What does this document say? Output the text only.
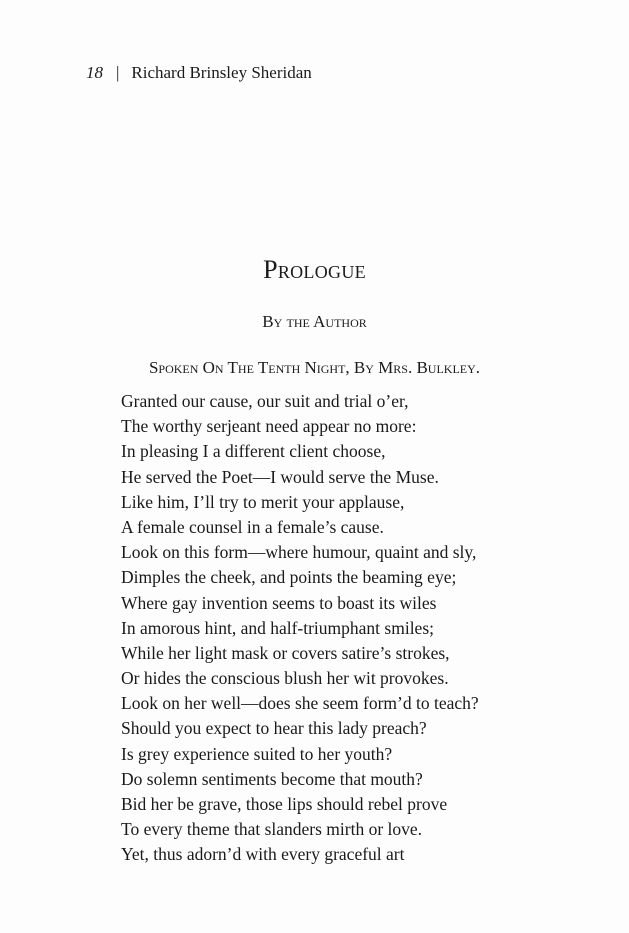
18 | Richard Brinsley Sheridan
Prologue
By the Author
Spoken On The Tenth Night, By Mrs. Bulkley.
Granted our cause, our suit and trial o’er,
The worthy serjeant need appear no more:
In pleasing I a different client choose,
He served the Poet—I would serve the Muse.
Like him, I’ll try to merit your applause,
A female counsel in a female’s cause.
Look on this form—where humour, quaint and sly,
Dimples the cheek, and points the beaming eye;
Where gay invention seems to boast its wiles
In amorous hint, and half-triumphant smiles;
While her light mask or covers satire’s strokes,
Or hides the conscious blush her wit provokes.
Look on her well—does she seem form’d to teach?
Should you expect to hear this lady preach?
Is grey experience suited to her youth?
Do solemn sentiments become that mouth?
Bid her be grave, those lips should rebel prove
To every theme that slanders mirth or love.
Yet, thus adorn’d with every graceful art
